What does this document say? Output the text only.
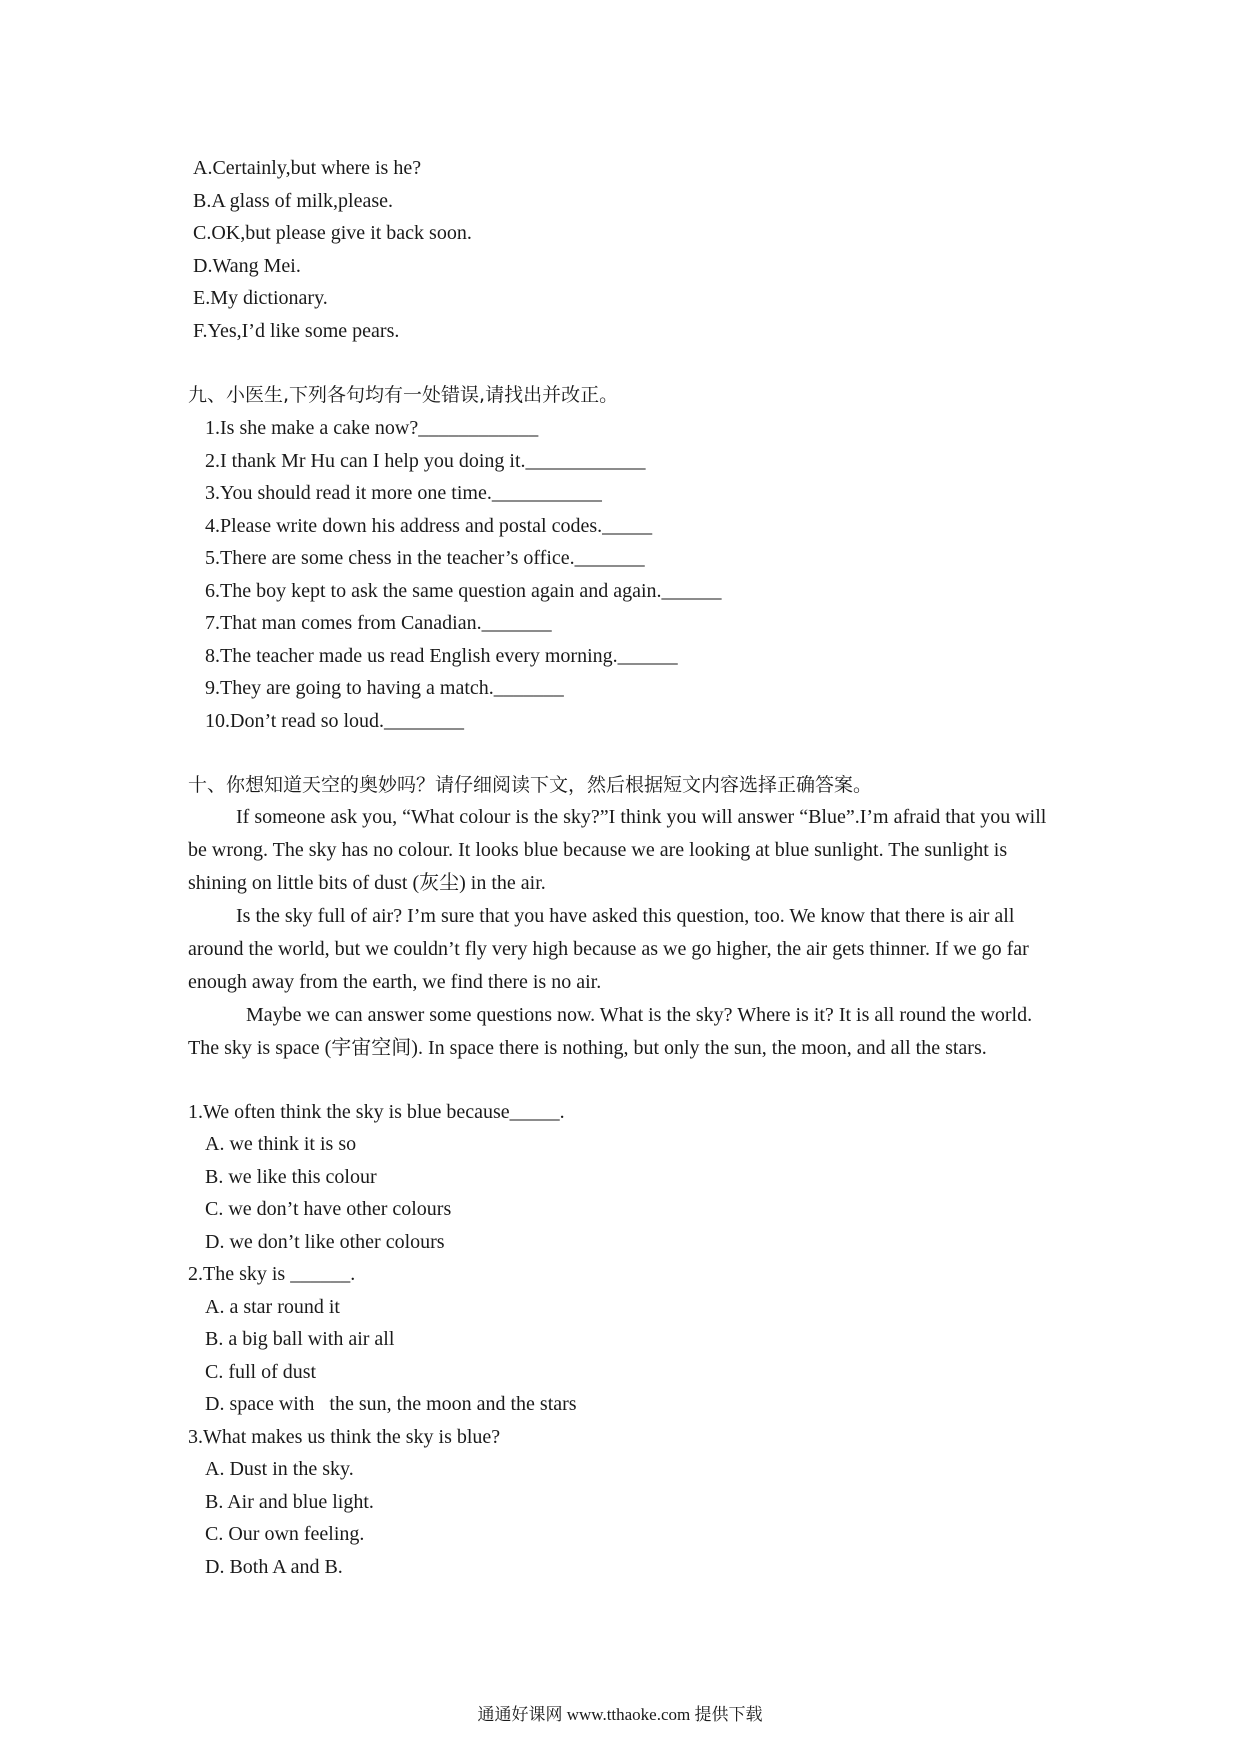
A.Certainly,but where is he?
B.A glass of milk,please.
C.OK,but please give it back soon.
D.Wang Mei.
E.My dictionary.
F.Yes,I’d like some pears.
九、小医生,下列各句均有一处错误,请找出并改正。
1.Is she make a cake now?____________
2.I thank Mr Hu can I help you doing it.____________
3.You should read it more one time.___________
4.Please write down his address and postal codes._____
5.There are some chess in the teacher’s office._______
6.The boy kept to ask the same question again and again.______
7.That man comes from Canadian._______
8.The teacher made us read English every morning.______
9.They are going to having a match._______
10.Don’t read so loud.________
十、你想知道天空的奥妙吗？请仔细阅读下文，然后根据短文内容选择正确答案。

If someone ask you, “What colour is the sky?”I think you will answer “Blue”.I’m afraid that you will be wrong. The sky has no colour. It looks blue because we are looking at blue sunlight. The sunlight is shining on little bits of dust (灰尘) in the air.

Is the sky full of air? I’m sure that you have asked this question, too. We know that there is air all around the world, but we couldn’t fly very high because as we go higher, the air gets thinner. If we go far enough away from the earth, we find there is no air.

Maybe we can answer some questions now. What is the sky? Where is it? It is all round the world. The sky is space (宇宙空间). In space there is nothing, but only the sun, the moon, and all the stars.

1.We often think the sky is blue because_____.
A. we think it is so
B. we like this colour
C. we don’t have other colours
D. we don’t like other colours
2.The sky is ______.
A. a star round it
B. a big ball with air all
C. full of dust
D. space with   the sun, the moon and the stars
3.What makes us think the sky is blue?
A. Dust in the sky.
B. Air and blue light.
C. Our own feeling.
D. Both A and B.
通通好课网 www.tthaoke.com 提供下载
